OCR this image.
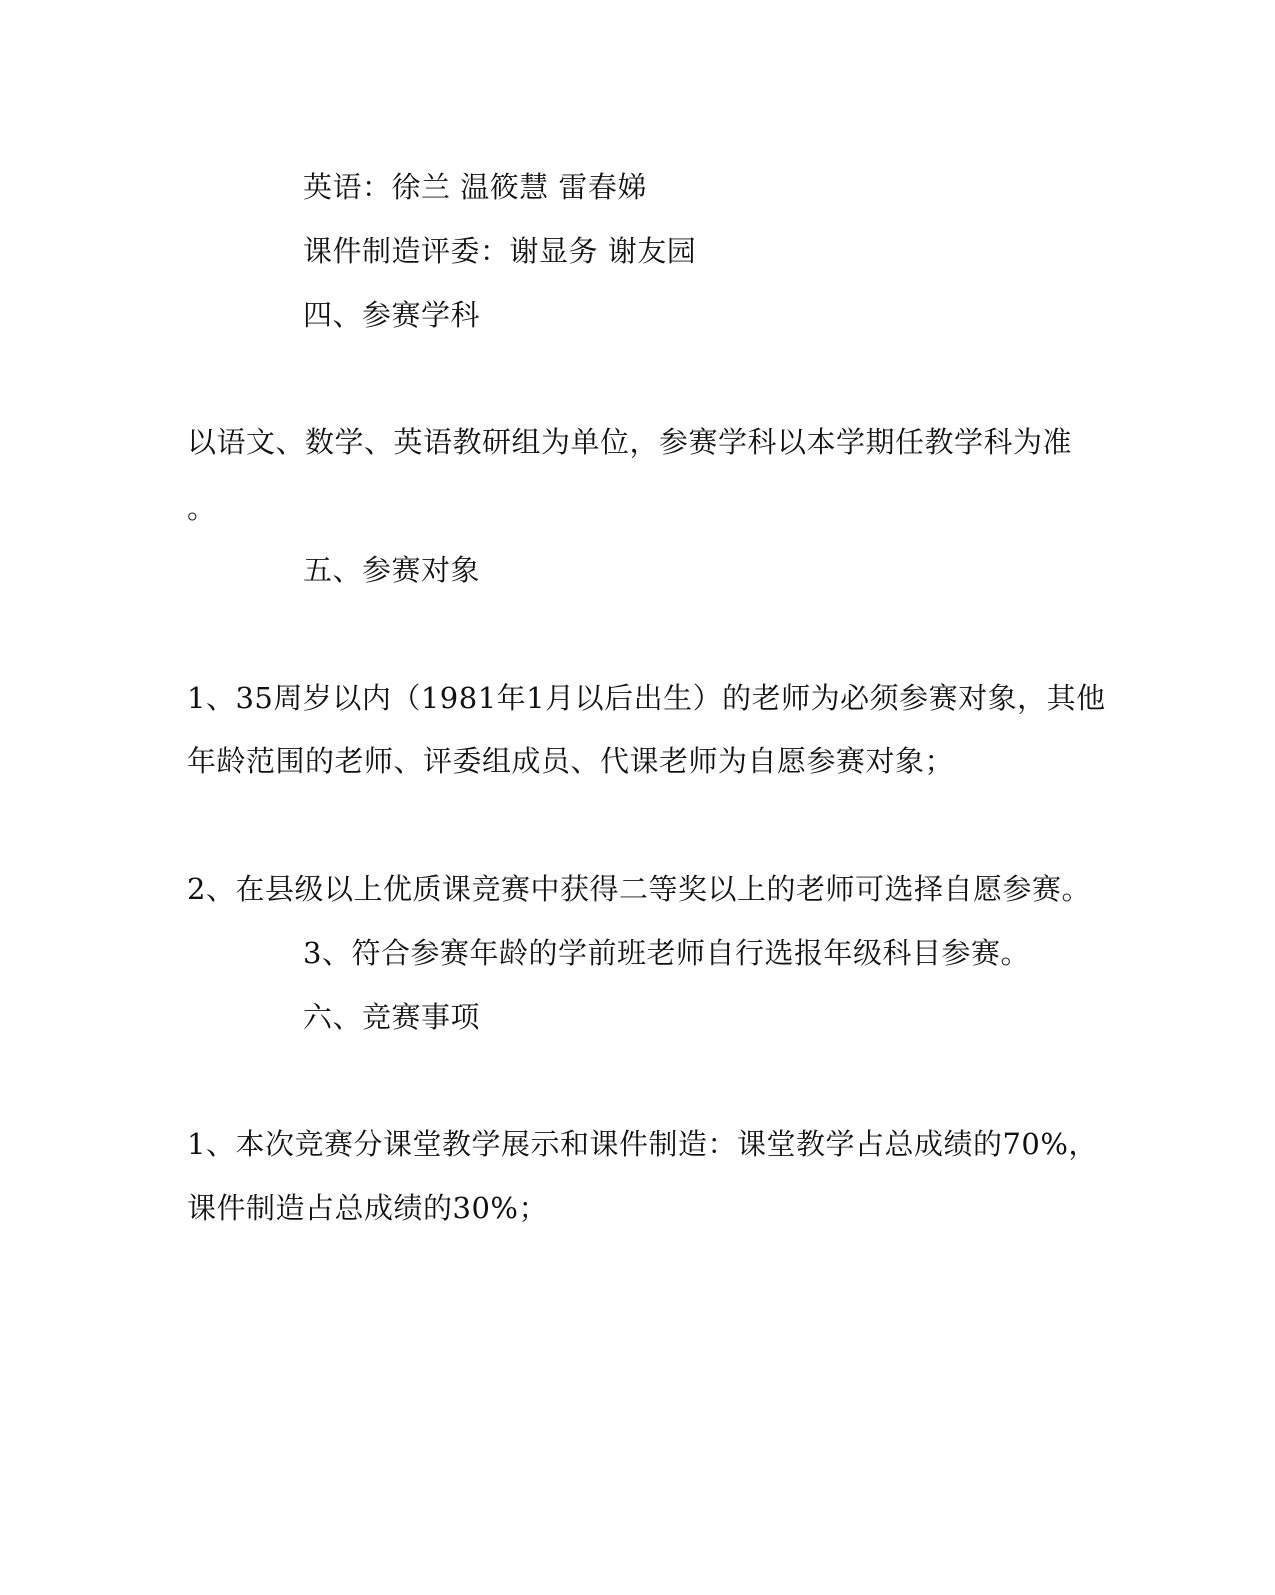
英语：徐兰 温筱慧 雷春娣
课件制造评委：谢显务 谢友园
四、参赛学科
以语文、数学、英语教研组为单位，参赛学科以本学期任教学科为准
。
五、参赛对象
1、35周岁以内（1981年1月以后出生）的老师为必须参赛对象，其他
年龄范围的老师、评委组成员、代课老师为自愿参赛对象；
2、在县级以上优质课竞赛中获得二等奖以上的老师可选择自愿参赛。
3、符合参赛年龄的学前班老师自行选报年级科目参赛。
六、竞赛事项
1、本次竞赛分课堂教学展示和课件制造：课堂教学占总成绩的70%，
课件制造占总成绩的30%；
